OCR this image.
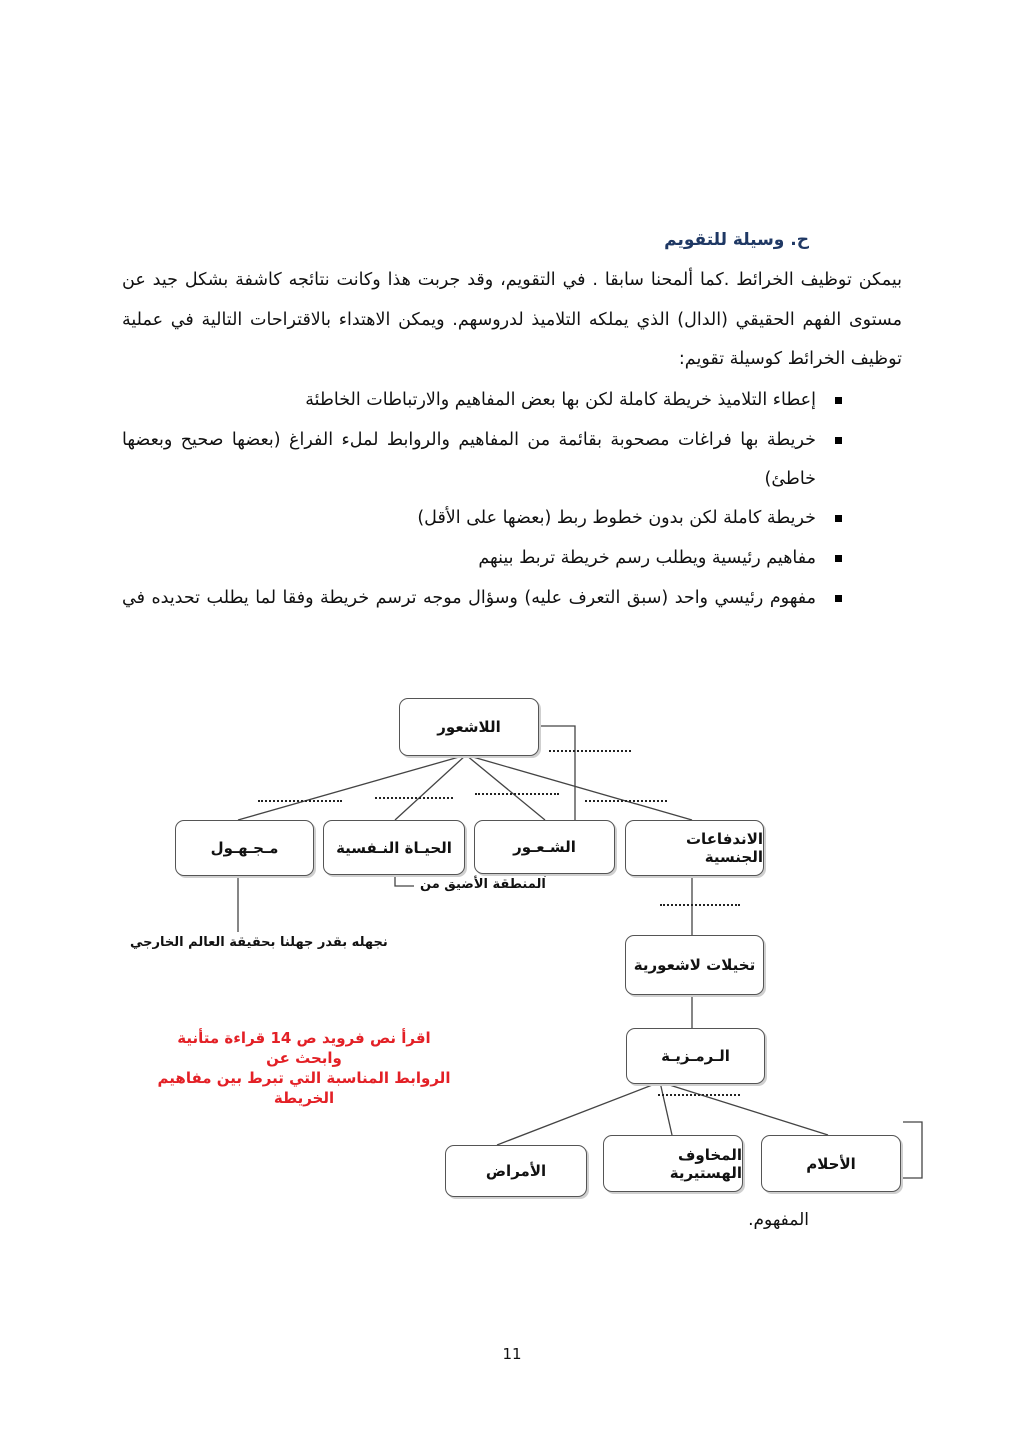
ح. وسيلة للتقويم
بيمكن توظيف الخرائط .كما ألمحنا سابقا . في التقويم، وقد جربت هذا وكانت نتائجه كاشفة بشكل جيد عن
مستوى الفهم الحقيقي (الدال) الذي يملكه التلاميذ لدروسهم. ويمكن الاهتداء بالاقتراحات التالية في عملية
توظيف الخرائط كوسيلة تقويم:
إعطاء التلاميذ خريطة كاملة لكن بها بعض المفاهيم والارتباطات الخاطئة
خريطة بها فراغات مصحوبة بقائمة من المفاهيم والروابط لملء الفراغ (بعضها صحيح وبعضها
خاطئ)
خريطة كاملة لكن بدون خطوط ربط (بعضها على الأقل)
مفاهيم رئيسية ويطلب رسم خريطة تربط بينهم
مفهوم رئيسي واحد (سبق التعرف عليه) وسؤال موجه ترسم خريطة وفقا لما يطلب تحديده في
اللاشعور
مـجـهـول	الحيـاة النـفسية	الشـعـور	الاندفاعات الجنسية
تخيلات لاشعورية
الـرمـزيـة
الأمراض
المخاوف الهستيرية	الأحلام
المنطقة الأضيق من
نجهله بقدر جهلنا بحقيقة العالم الخارجي
اقرأ نص فرويد ص 14 قراءة متأنية وابحث عن
الروابط المناسبة التي تبرط بين مفاهيم الخريطة
المفهوم.
11
